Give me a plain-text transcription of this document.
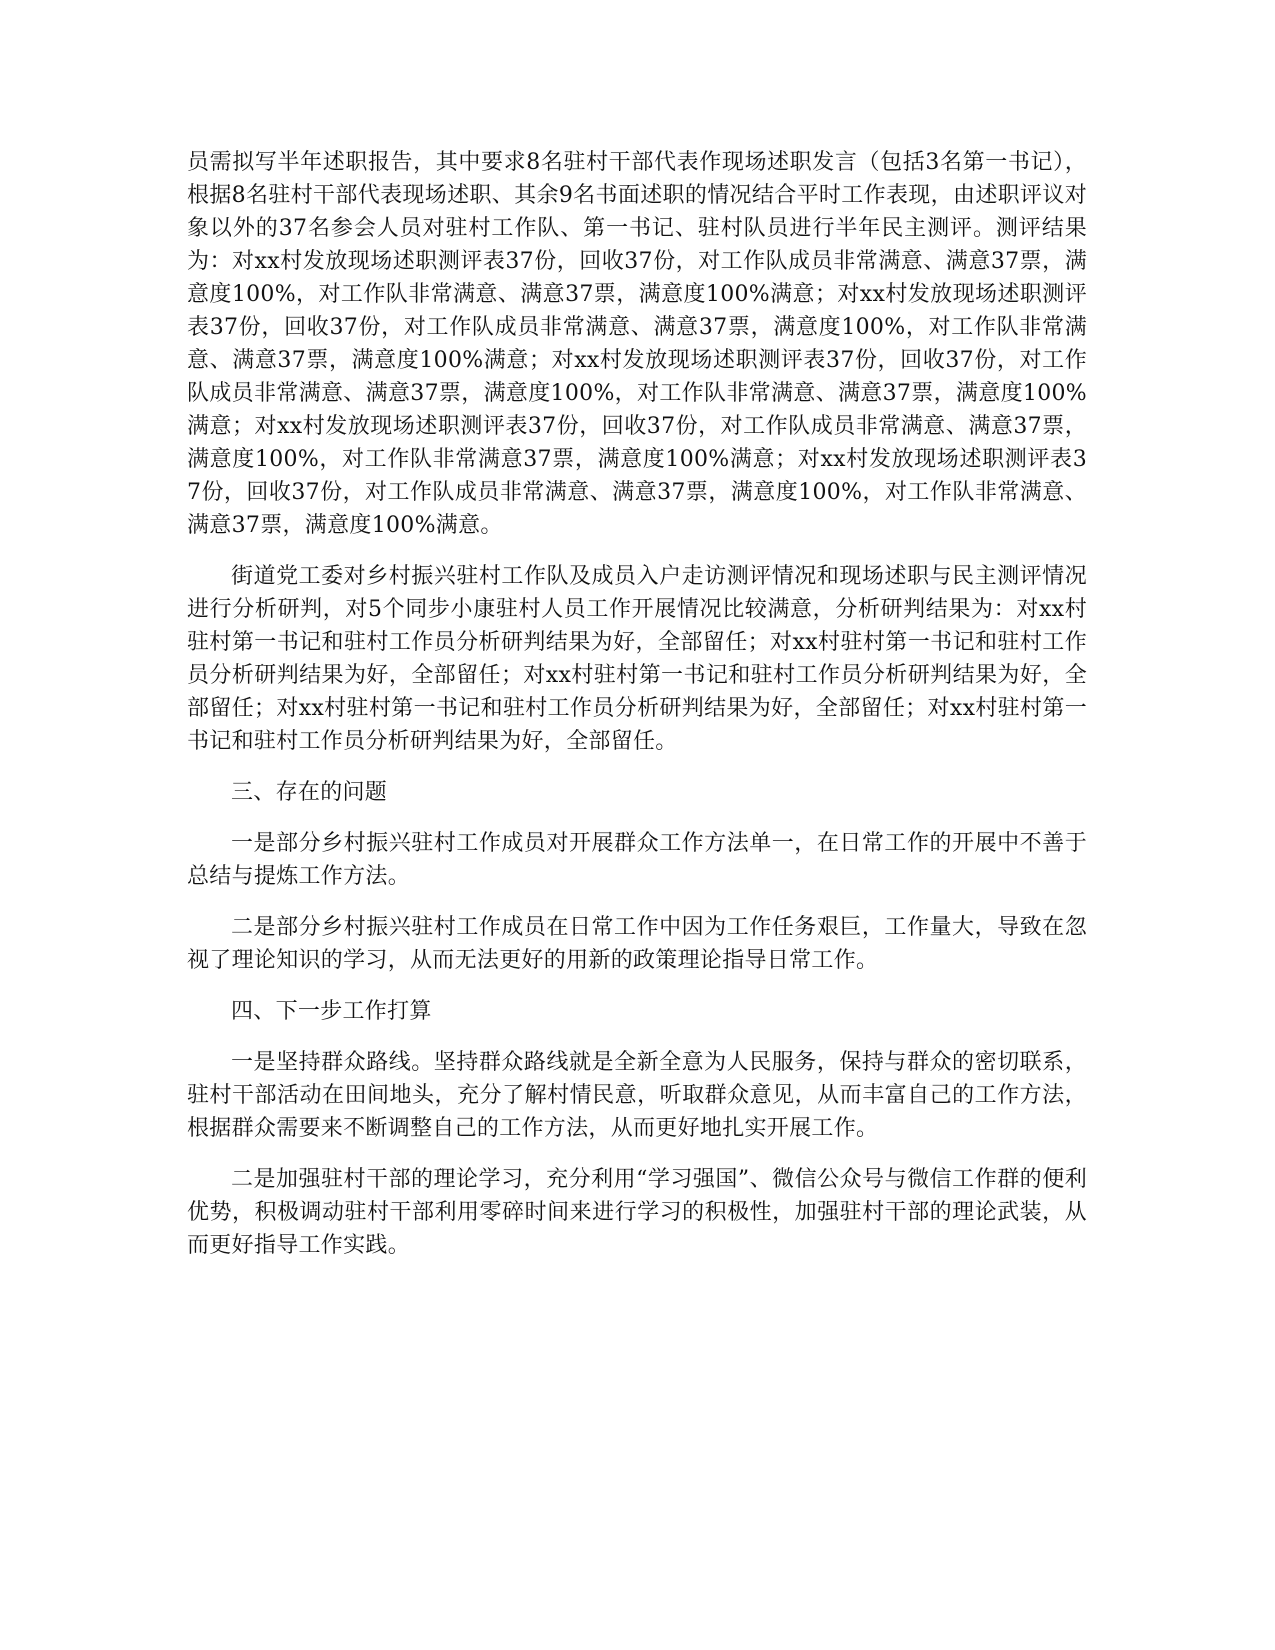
员需拟写半年述职报告，其中要求8名驻村干部代表作现场述职发言（包括3名第一书记），根据8名驻村干部代表现场述职、其余9名书面述职的情况结合平时工作表现，由述职评议对象以外的37名参会人员对驻村工作队、第一书记、驻村队员进行半年民主测评。测评结果为：对xx村发放现场述职测评表37份，回收37份，对工作队成员非常满意、满意37票，满意度100%，对工作队非常满意、满意37票，满意度100%满意；对xx村发放现场述职测评表37份，回收37份，对工作队成员非常满意、满意37票，满意度100%，对工作队非常满意、满意37票，满意度100%满意；对xx村发放现场述职测评表37份，回收37份，对工作队成员非常满意、满意37票，满意度100%，对工作队非常满意、满意37票，满意度100%满意；对xx村发放现场述职测评表37份，回收37份，对工作队成员非常满意、满意37票，满意度100%，对工作队非常满意37票，满意度100%满意；对xx村发放现场述职测评表37份，回收37份，对工作队成员非常满意、满意37票，满意度100%，对工作队非常满意、满意37票，满意度100%满意。

街道党工委对乡村振兴驻村工作队及成员入户走访测评情况和现场述职与民主测评情况进行分析研判，对5个同步小康驻村人员工作开展情况比较满意，分析研判结果为：对xx村驻村第一书记和驻村工作员分析研判结果为好，全部留任；对xx村驻村第一书记和驻村工作员分析研判结果为好，全部留任；对xx村驻村第一书记和驻村工作员分析研判结果为好，全部留任；对xx村驻村第一书记和驻村工作员分析研判结果为好，全部留任；对xx村驻村第一书记和驻村工作员分析研判结果为好，全部留任。

三、存在的问题

一是部分乡村振兴驻村工作成员对开展群众工作方法单一，在日常工作的开展中不善于总结与提炼工作方法。

二是部分乡村振兴驻村工作成员在日常工作中因为工作任务艰巨，工作量大，导致在忽视了理论知识的学习，从而无法更好的用新的政策理论指导日常工作。

四、下一步工作打算

一是坚持群众路线。坚持群众路线就是全新全意为人民服务，保持与群众的密切联系，驻村干部活动在田间地头，充分了解村情民意，听取群众意见，从而丰富自己的工作方法，根据群众需要来不断调整自己的工作方法，从而更好地扎实开展工作。

二是加强驻村干部的理论学习，充分利用“学习强国”、微信公众号与微信工作群的便利优势，积极调动驻村干部利用零碎时间来进行学习的积极性，加强驻村干部的理论武装，从而更好指导工作实践。
